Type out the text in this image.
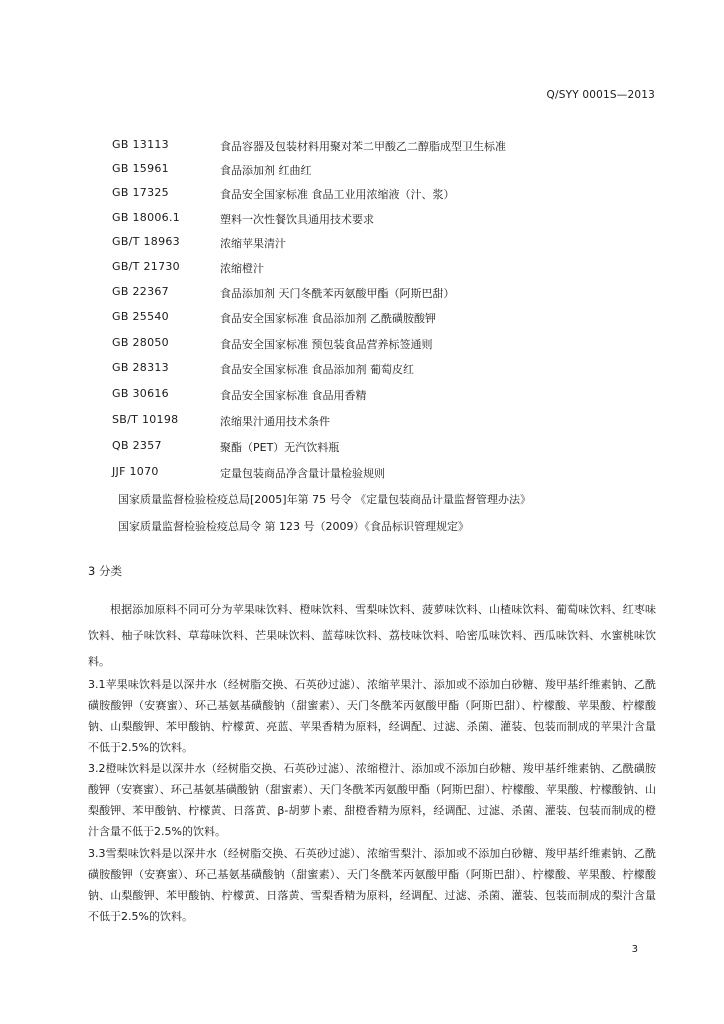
Q/SYY 0001S—2013
GB 13113	食品容器及包装材料用聚对苯二甲酸乙二醇脂成型卫生标准
GB 15961	食品添加剂 红曲红
GB 17325	食品安全国家标准 食品工业用浓缩液（汁、浆）
GB 18006.1	塑料一次性餐饮具通用技术要求
GB/T 18963	浓缩苹果清汁
GB/T 21730	浓缩橙汁
GB 22367	食品添加剂 天门冬酰苯丙氨酸甲酯（阿斯巴甜）
GB 25540	食品安全国家标准 食品添加剂 乙酰磺胺酸钾
GB 28050	食品安全国家标准 预包装食品营养标签通则
GB 28313	食品安全国家标准 食品添加剂 葡萄皮红
GB 30616	食品安全国家标准 食品用香精
SB/T 10198	浓缩果汁通用技术条件
QB 2357	聚酯（PET）无汽饮料瓶
JJF 1070	定量包装商品净含量计量检验规则
国家质量监督检验检疫总局[2005]年第 75 号令 《定量包装商品计量监督管理办法》
国家质量监督检验检疫总局令 第 123 号（2009）《食品标识管理规定》
3 分类
根据添加原料不同可分为苹果味饮料、橙味饮料、雪梨味饮料、菠萝味饮料、山楂味饮料、葡萄味饮料、红枣味饮料、柚子味饮料、草莓味饮料、芒果味饮料、蓝莓味饮料、荔枝味饮料、哈密瓜味饮料、西瓜味饮料、水蜜桃味饮料。
3.1苹果味饮料是以深井水（经树脂交换、石英砂过滤）、浓缩苹果汁、添加或不添加白砂糖、羧甲基纤维素钠、乙酰磺胺酸钾（安赛蜜）、环己基氨基磺酸钠（甜蜜素）、天门冬酰苯丙氨酸甲酯（阿斯巴甜）、柠檬酸、苹果酸、柠檬酸钠、山梨酸钾、苯甲酸钠、柠檬黄、亮蓝、苹果香精为原料，经调配、过滤、杀菌、灌装、包装而制成的苹果汁含量不低于2.5%的饮料。
3.2橙味饮料是以深井水（经树脂交换、石英砂过滤）、浓缩橙汁、添加或不添加白砂糖、羧甲基纤维素钠、乙酰磺胺酸钾（安赛蜜）、环己基氨基磺酸钠（甜蜜素）、天门冬酰苯丙氨酸甲酯（阿斯巴甜）、柠檬酸、苹果酸、柠檬酸钠、山梨酸钾、苯甲酸钠、柠檬黄、日落黄、β-胡萝卜素、甜橙香精为原料，经调配、过滤、杀菌、灌装、包装而制成的橙汁含量不低于2.5%的饮料。
3.3雪梨味饮料是以深井水（经树脂交换、石英砂过滤）、浓缩雪梨汁、添加或不添加白砂糖、羧甲基纤维素钠、乙酰磺胺酸钾（安赛蜜）、环己基氨基磺酸钠（甜蜜素）、天门冬酰苯丙氨酸甲酯（阿斯巴甜）、柠檬酸、苹果酸、柠檬酸钠、山梨酸钾、苯甲酸钠、柠檬黄、日落黄、雪梨香精为原料，经调配、过滤、杀菌、灌装、包装而制成的梨汁含量不低于2.5%的饮料。
3
